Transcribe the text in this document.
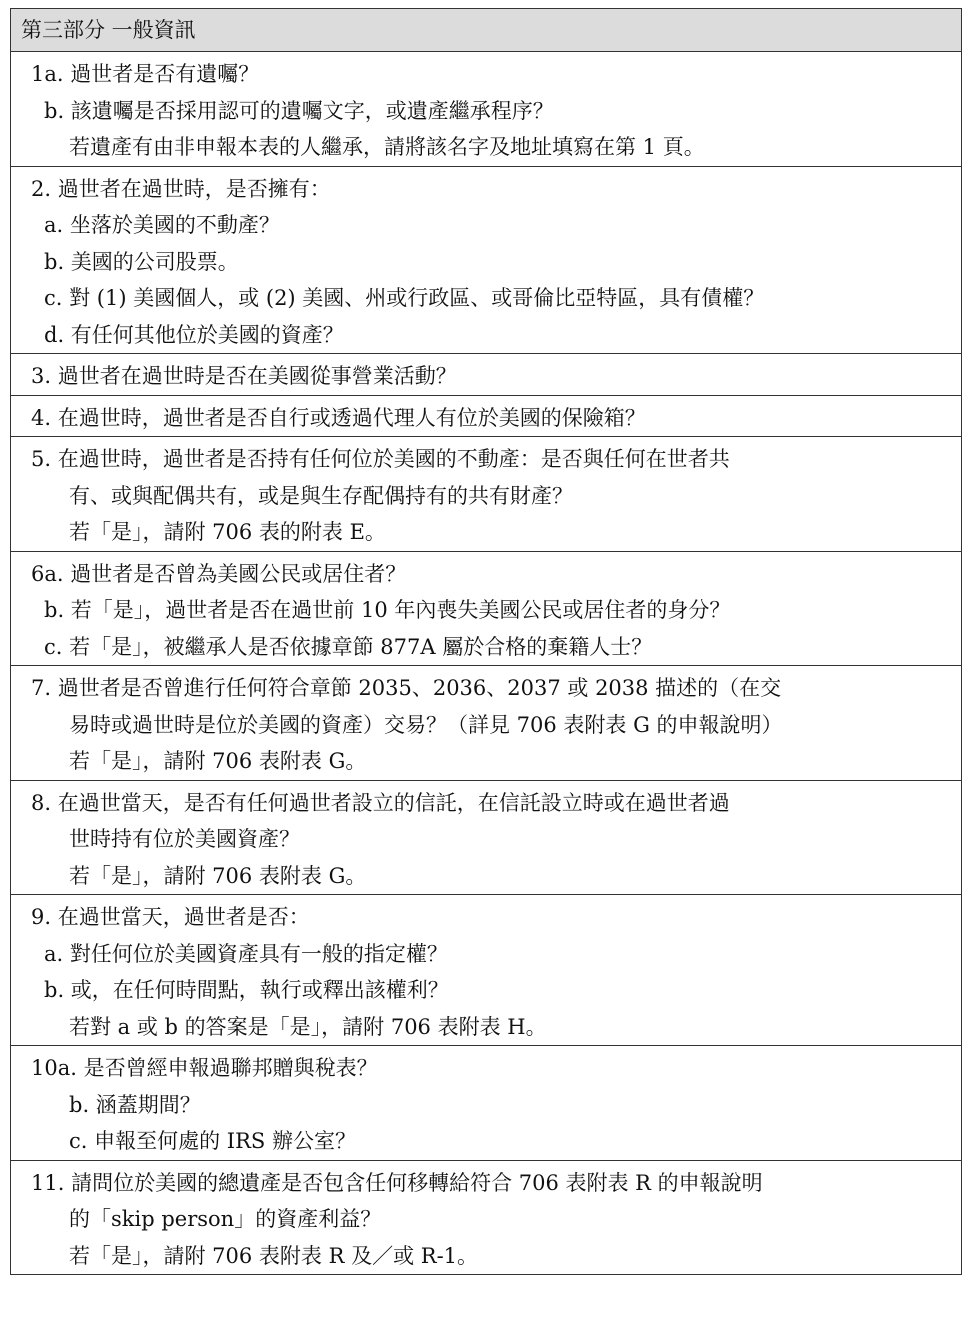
第三部分 一般資訊
1a. 過世者是否有遺囑？
b. 該遺囑是否採用認可的遺囑文字，或遺產繼承程序？
若遺產有由非申報本表的人繼承，請將該名字及地址填寫在第 1 頁。
2. 過世者在過世時，是否擁有：
a. 坐落於美國的不動產？
b. 美國的公司股票。
c. 對 (1) 美國個人，或 (2) 美國、州或行政區、或哥倫比亞特區，具有債權？
d. 有任何其他位於美國的資產？
3. 過世者在過世時是否在美國從事營業活動？
4. 在過世時，過世者是否自行或透過代理人有位於美國的保險箱？
5. 在過世時，過世者是否持有任何位於美國的不動產：是否與任何在世者共
有、或與配偶共有，或是與生存配偶持有的共有財產？
若「是」，請附 706 表的附表 E。
6a. 過世者是否曾為美國公民或居住者？
b. 若「是」，過世者是否在過世前 10 年內喪失美國公民或居住者的身分？
c. 若「是」，被繼承人是否依據章節 877A 屬於合格的棄籍人士？
7. 過世者是否曾進行任何符合章節 2035、2036、2037 或 2038 描述的（在交
易時或過世時是位於美國的資產）交易？（詳見 706 表附表 G 的申報說明）
若「是」，請附 706 表附表 G。
8. 在過世當天，是否有任何過世者設立的信託，在信託設立時或在過世者過
世時持有位於美國資產？
若「是」，請附 706 表附表 G。
9. 在過世當天，過世者是否：
a. 對任何位於美國資產具有一般的指定權？
b. 或，在任何時間點，執行或釋出該權利？
若對 a 或 b 的答案是「是」，請附 706 表附表 H。
10a. 是否曾經申報過聯邦贈與稅表？
b. 涵蓋期間？
c. 申報至何處的 IRS 辦公室？
11. 請問位於美國的總遺產是否包含任何移轉給符合 706 表附表 R 的申報說明
的「skip person」的資產利益？
若「是」，請附 706 表附表 R 及／或 R-1。
